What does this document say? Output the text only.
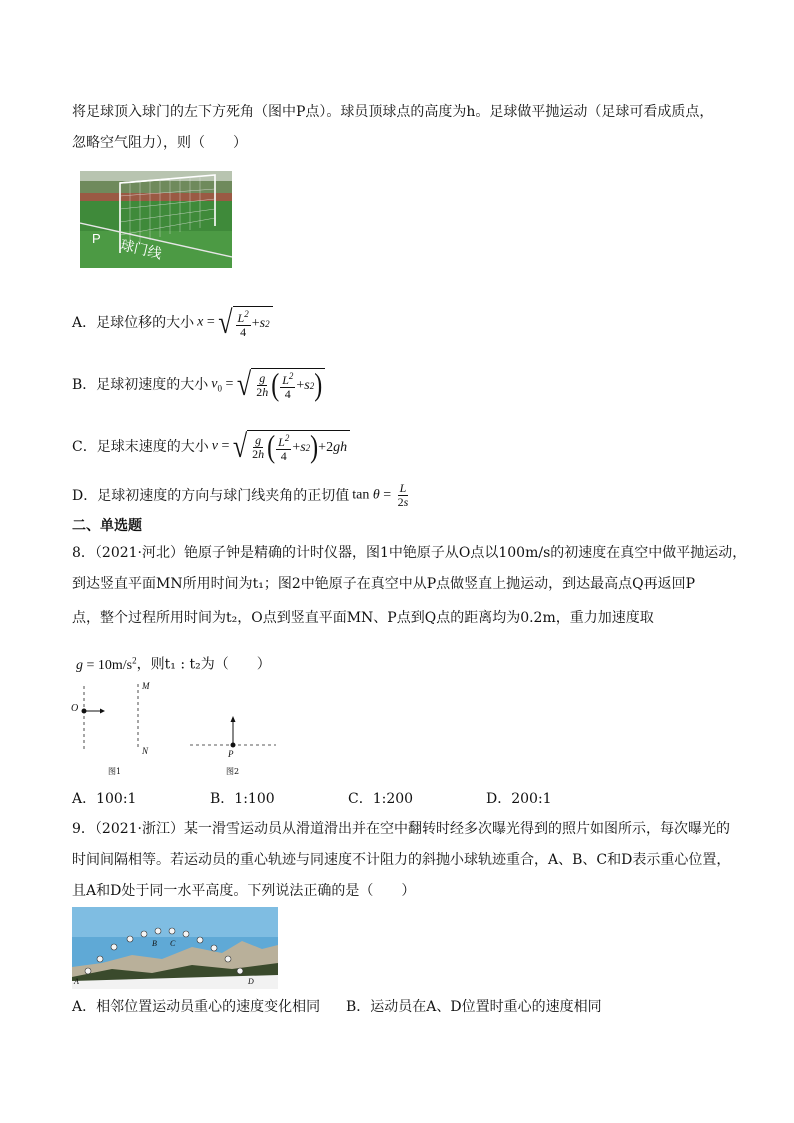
将足球顶入球门的左下方死角（图中P点）。球员顶球点的高度为h。足球做平抛运动（足球可看成质点，
忽略空气阻力），则（　　）
P 球门线
A．足球位移的大小 x = √ $\frac{L^2}{4} + s$ 2
B．足球初速度的大小 $v_0$ = √ $\frac{g}{2h}$ ( $\frac{L^2}{4} + s$ 2 )
C．足球末速度的大小 v = √ $\frac{g}{2h}$ ( $\frac{L^2}{4} + s$ 2 ) +2 gh
D．足球初速度的方向与球门线夹角的正切值 $\tan \theta = \frac{L}{2s}$
二、单选题
8．（2021·河北）铯原子钟是精确的计时仪器，图1中铯原子从O点以100m/s的初速度在真空中做平抛运动，
到达竖直平面MN所用时间为t₁；图2中铯原子在真空中从P点做竖直上抛运动，到达最高点Q再返回P
点，整个过程所用时间为t₂，O点到竖直平面MN、P点到Q点的距离均为0.2m，重力加速度取
$g = 10m/s^2$，则t₁ : t₂为（　　）
O
M
N	P
图1	图2
A．100:1	B．1:100	C．1:200	D．200:1
9．（2021·浙江）某一滑雪运动员从滑道滑出并在空中翻转时经多次曝光得到的照片如图所示，每次曝光的
时间间隔相等。若运动员的重心轨迹与同速度不计阻力的斜抛小球轨迹重合，A、B、C和D表示重心位置，
且A和D处于同一水平高度。下列说法正确的是（　　）
A
B C
D
A．相邻位置运动员重心的速度变化相同 B．运动员在A、D位置时重心的速度相同
